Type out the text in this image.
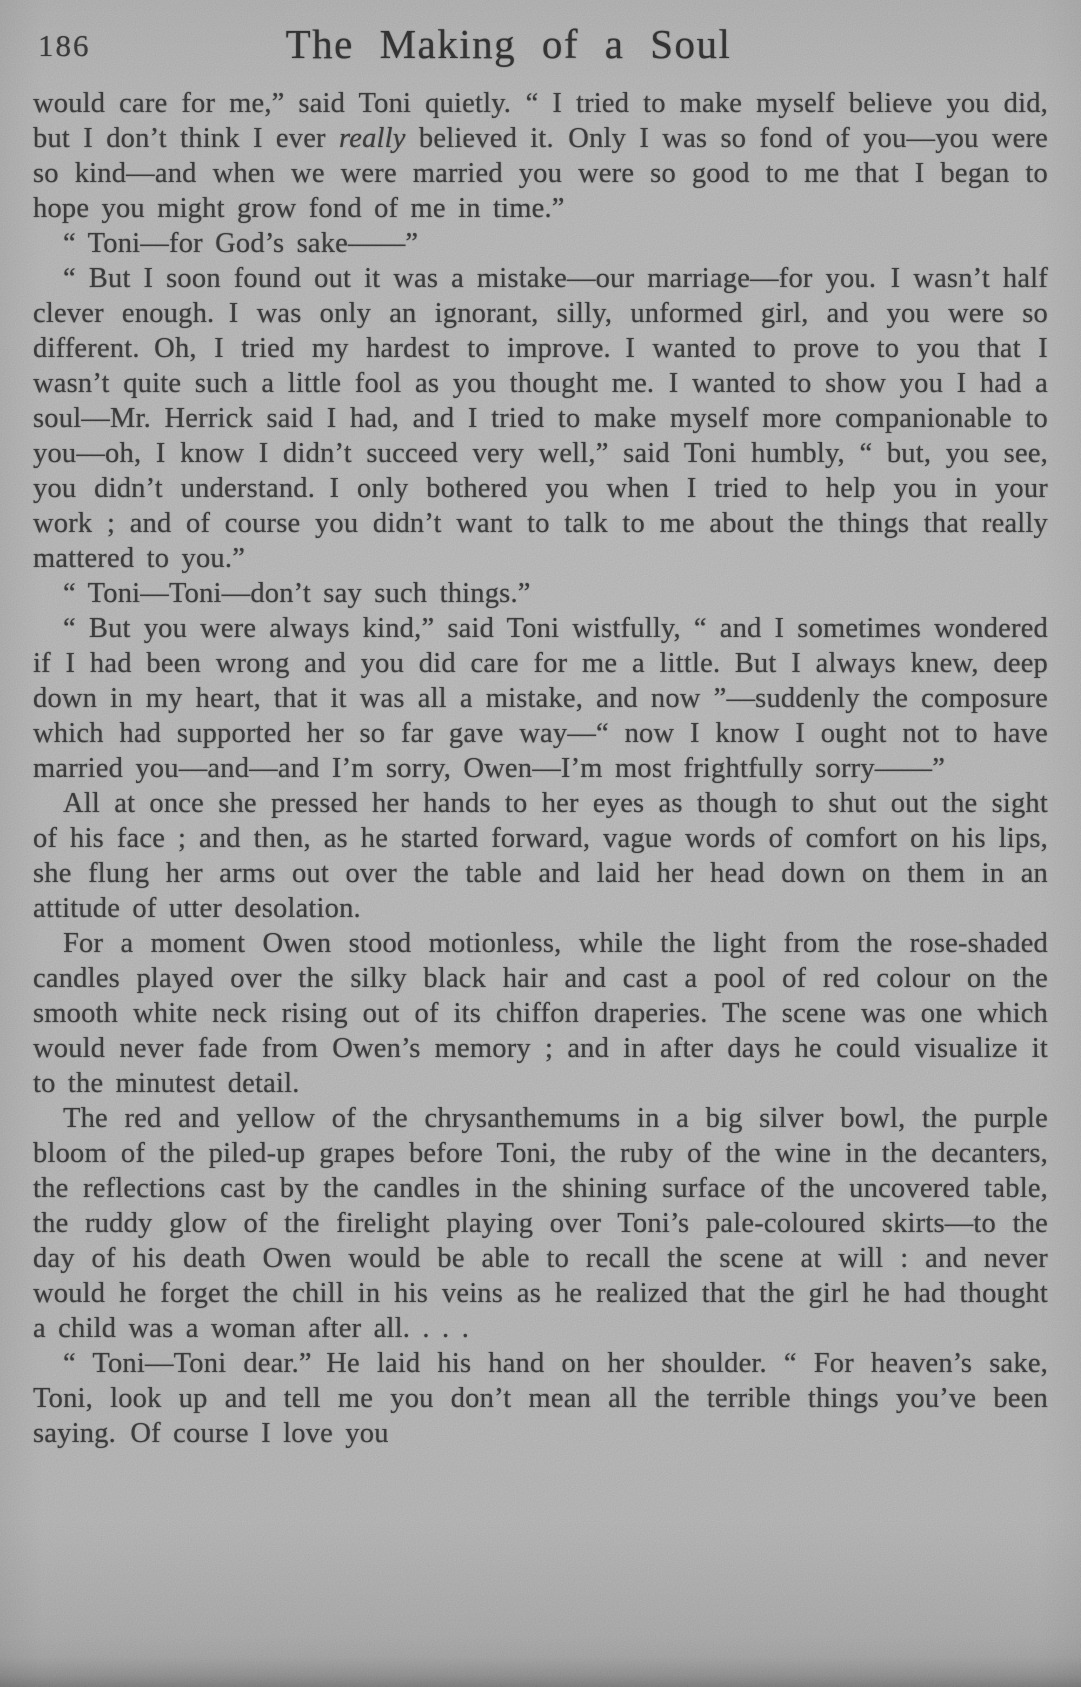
186	The Making of a Soul

would care for me,” said Toni quietly. “ I tried to make myself believe you did, but I don’t think I ever really believed it. Only I was so fond of you—you were so kind—and when we were married you were so good to me that I began to hope you might grow fond of me in time.”

“ Toni—for God’s sake——”

“ But I soon found out it was a mistake—our marriage—for you. I wasn’t half clever enough. I was only an ignorant, silly, unformed girl, and you were so different. Oh, I tried my hardest to improve. I wanted to prove to you that I wasn’t quite such a little fool as you thought me. I wanted to show you I had a soul—Mr. Herrick said I had, and I tried to make myself more companionable to you—oh, I know I didn’t succeed very well,” said Toni humbly, “ but, you see, you didn’t understand. I only bothered you when I tried to help you in your work ; and of course you didn’t want to talk to me about the things that really mattered to you.”

“ Toni—Toni—don’t say such things.”

“ But you were always kind,” said Toni wistfully, “ and I sometimes wondered if I had been wrong and you did care for me a little. But I always knew, deep down in my heart, that it was all a mistake, and now ”—suddenly the composure which had supported her so far gave way—“ now I know I ought not to have married you—and—and I’m sorry, Owen—I’m most frightfully sorry——”

All at once she pressed her hands to her eyes as though to shut out the sight of his face ; and then, as he started forward, vague words of comfort on his lips, she flung her arms out over the table and laid her head down on them in an attitude of utter desolation.

For a moment Owen stood motionless, while the light from the rose-shaded candles played over the silky black hair and cast a pool of red colour on the smooth white neck rising out of its chiffon draperies. The scene was one which would never fade from Owen’s memory ; and in after days he could visualize it to the minutest detail.

The red and yellow of the chrysanthemums in a big silver bowl, the purple bloom of the piled-up grapes before Toni, the ruby of the wine in the decanters, the reflections cast by the candles in the shining surface of the uncovered table, the ruddy glow of the firelight playing over Toni’s pale-coloured skirts—to the day of his death Owen would be able to recall the scene at will : and never would he forget the chill in his veins as he realized that the girl he had thought a child was a woman after all. . . .

“ Toni—Toni dear.” He laid his hand on her shoulder. “ For heaven’s sake, Toni, look up and tell me you don’t mean all the terrible things you’ve been saying. Of course I love you
